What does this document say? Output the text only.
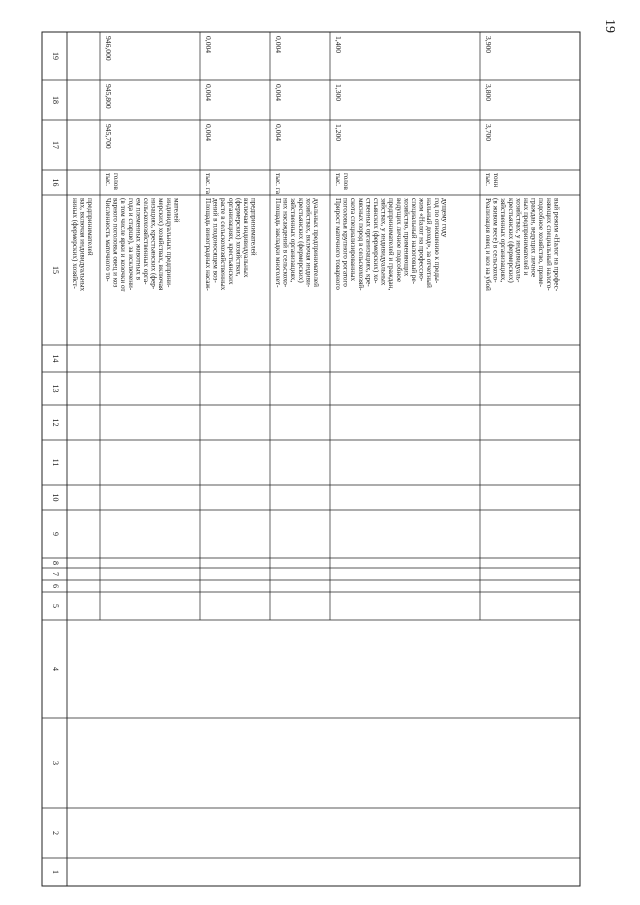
19
1
2
3
4
5
6
7
8
9
10
11
12
13
14
15
16
17
18
19
ниных (фермерских) хозяйст- вах, включая индивидуальных предпринимателей Численность маточного то- варного поголовья овец и коз (в том числе ярки и козочки от года и старше), за исключени- ем племенных животных в сельскохозяйственных орга- низациях, крестьянских (фер- мерских) хозяйствах, включая индивидуальных предприни- мателей
тыс. голов
945,700
945,800
946,000
Площадь виноградных насаж- дений в плодоносящем воз- расте в сельскохозяйственных организациях, крестьянских (фермерских) хозяйствах, включая индивидуальных предпринимателей
тыс. га
0,004
0,004
0,004
Площадь закладки многолет- них насаждений в сельскохо- зяйственных организациях, крестьянских (фермерских) хозяйствах, включая индиви- дуальных предпринимателей
тыс. га
0,004
0,004
0,004
Прирост маточного товарного поголовья крупного рогатого скота специализированных мясных пород в сельскохозяй- ственных организациях, кре- стьянских (фермерских) хо- зяйствах, у индивидуальных предпринимателей и граждан, ведущих личное подсобное хозяйство, применяющих специальный налоговый ре- жим «Налог на профессио- нальный доход», за отчетный год по отношению к преды- дущему году
тыс. голов
1,200
1,300
1,400
Реализация овец и коз на убой (в живом весе) в сельскохо- зяйственных организациях, крестьянских (фермерских) хозяйствах, у индивидуаль- ных предпринимателей и граждан, ведущих личное подсобное хозяйство, приме- няющих специальный налого- вый режим «Налог на профес-
тыс. тонн
3,700
3,800
3,900
